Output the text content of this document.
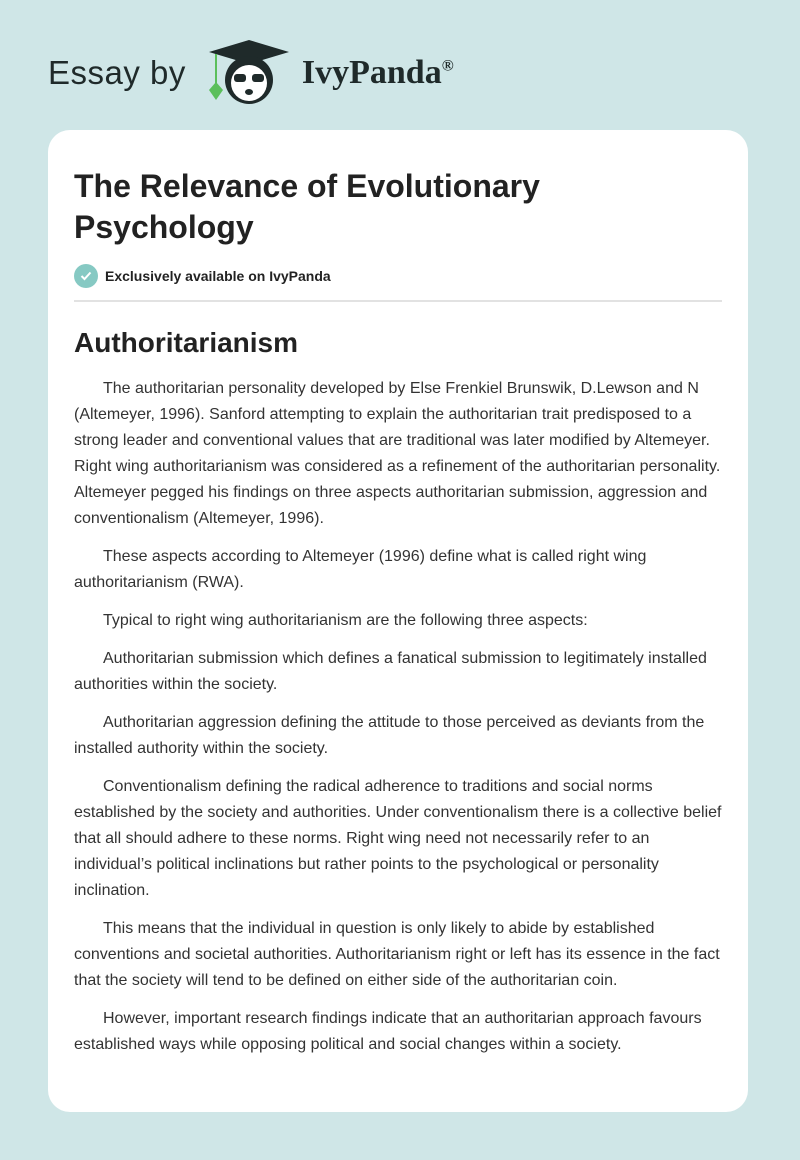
Essay by	IvyPanda®
The Relevance of Evolutionary Psychology
Exclusively available on IvyPanda
Authoritarianism

The authoritarian personality developed by Else Frenkiel Brunswik, D.Lewson and N (Altemeyer, 1996). Sanford attempting to explain the authoritarian trait predisposed to a strong leader and conventional values that are traditional was later modified by Altemeyer. Right wing authoritarianism was considered as a refinement of the authoritarian personality. Altemeyer pegged his findings on three aspects authoritarian submission, aggression and conventionalism (Altemeyer, 1996).

These aspects according to Altemeyer (1996) define what is called right wing authoritarianism (RWA).

Typical to right wing authoritarianism are the following three aspects:

Authoritarian submission which defines a fanatical submission to legitimately installed authorities within the society.

Authoritarian aggression defining the attitude to those perceived as deviants from the installed authority within the society.

Conventionalism defining the radical adherence to traditions and social norms established by the society and authorities. Under conventionalism there is a collective belief that all should adhere to these norms. Right wing need not necessarily refer to an individual’s political inclinations but rather points to the psychological or personality inclination.

This means that the individual in question is only likely to abide by established conventions and societal authorities. Authoritarianism right or left has its essence in the fact that the society will tend to be defined on either side of the authoritarian coin.

However, important research findings indicate that an authoritarian approach favours established ways while opposing political and social changes within a society.
